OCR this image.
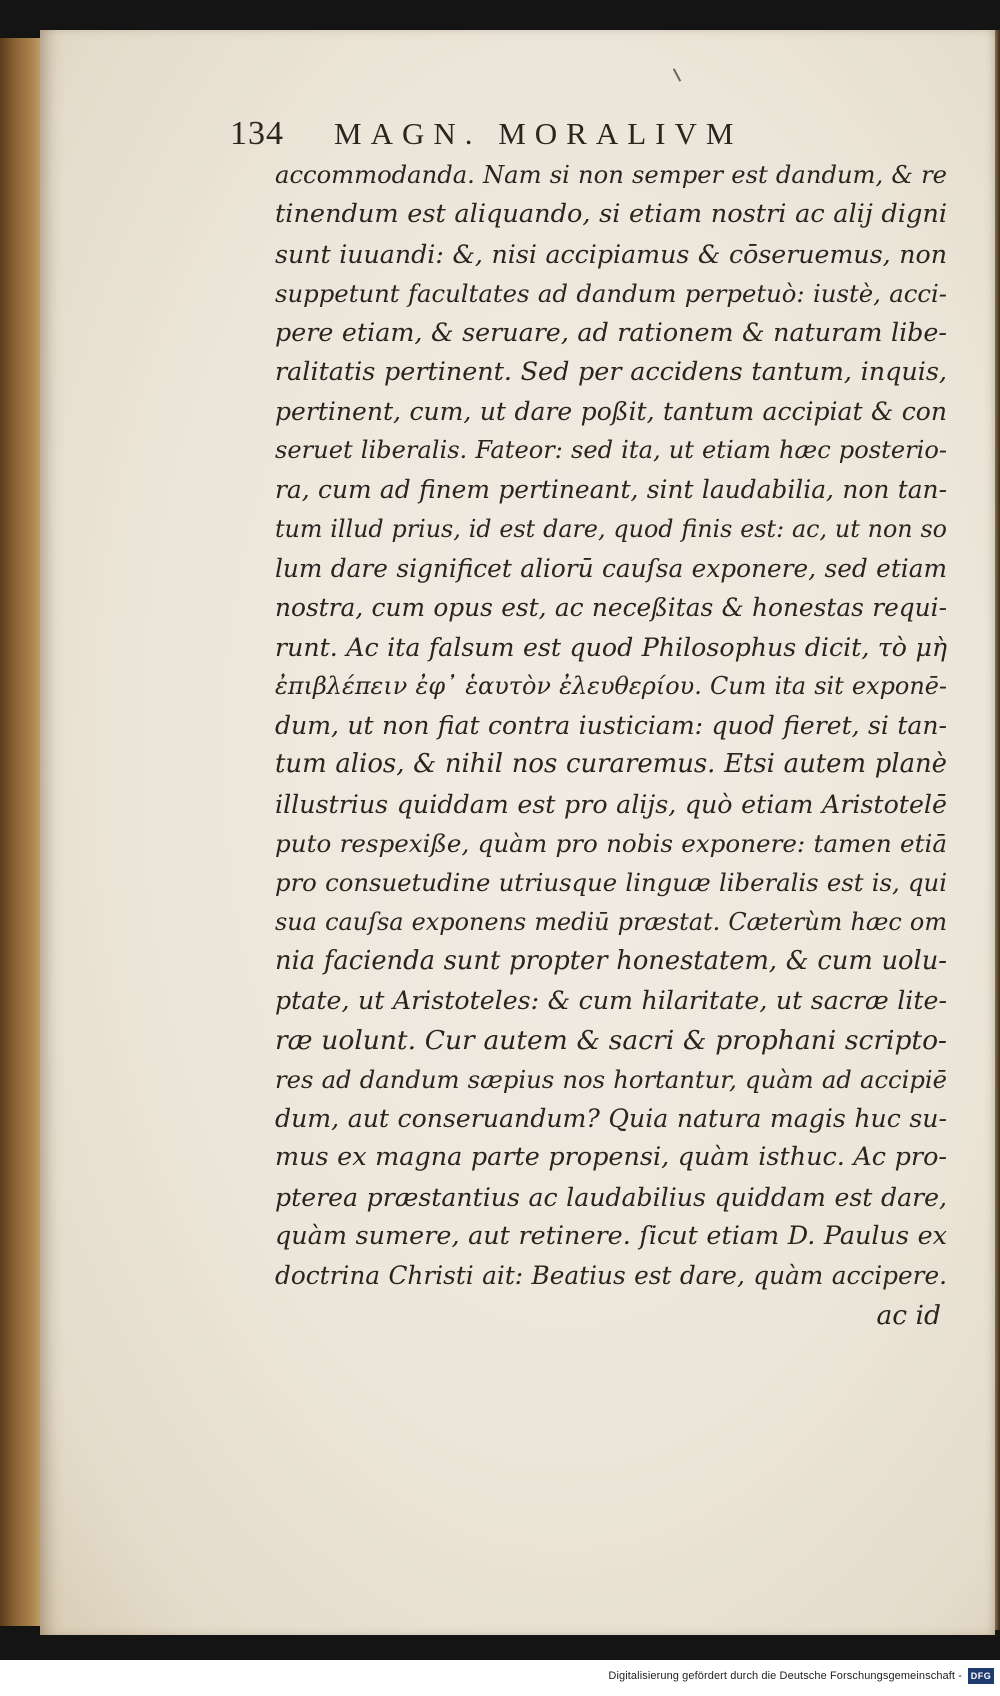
134 MAGN. MORALIVM
accommodanda. Nam si non semper est dandum, & re
tinendum est aliquando, si etiam nostri ac alij digni
sunt iuuandi: &, nisi accipiamus & cōseruemus, non
suppetunt facultates ad dandum perpetuò: iustè, acci-
pere etiam, & seruare, ad rationem & naturam libe-
ralitatis pertinent. Sed per accidens tantum, inquis,
pertinent, cum, ut dare poßit, tantum accipiat & con
seruet liberalis. Fateor: sed ita, ut etiam hæc posterio-
ra, cum ad finem pertineant, sint laudabilia, non tan-
tum illud prius, id est dare, quod finis est: ac, ut non so
lum dare significet aliorū cauſsa exponere, sed etiam
nostra, cum opus est, ac neceßitas & honestas requi-
runt. Ac ita falsum est quod Philosophus dicit, τὸ μὴ
ἐπιβλέπειν ἐφ᾽ ἑαυτὸν ἐλευθερίου. Cum ita sit exponē-
dum, ut non fiat contra iusticiam: quod fieret, si tan-
tum alios, & nihil nos curaremus. Etsi autem planè
illustrius quiddam est pro alijs, quò etiam Aristotelē
puto respexiße, quàm pro nobis exponere: tamen etiā
pro consuetudine utriusque linguæ liberalis est is, qui
sua cauſsa exponens mediū præstat. Cæterùm hæc om
nia facienda sunt propter honestatem, & cum uolu-
ptate, ut Aristoteles: & cum hilaritate, ut sacræ lite-
ræ uolunt. Cur autem & sacri & prophani scripto-
res ad dandum sæpius nos hortantur, quàm ad accipiē
dum, aut conseruandum? Quia natura magis huc su-
mus ex magna parte propensi, quàm isthuc. Ac pro-
pterea præstantius ac laudabilius quiddam est dare,
quàm sumere, aut retinere. ſicut etiam D. Paulus ex
doctrina Christi ait: Beatius est dare, quàm accipere.
ac id
Digitalisierung gefördert durch die Deutsche Forschungsgemeinschaft - DFG
